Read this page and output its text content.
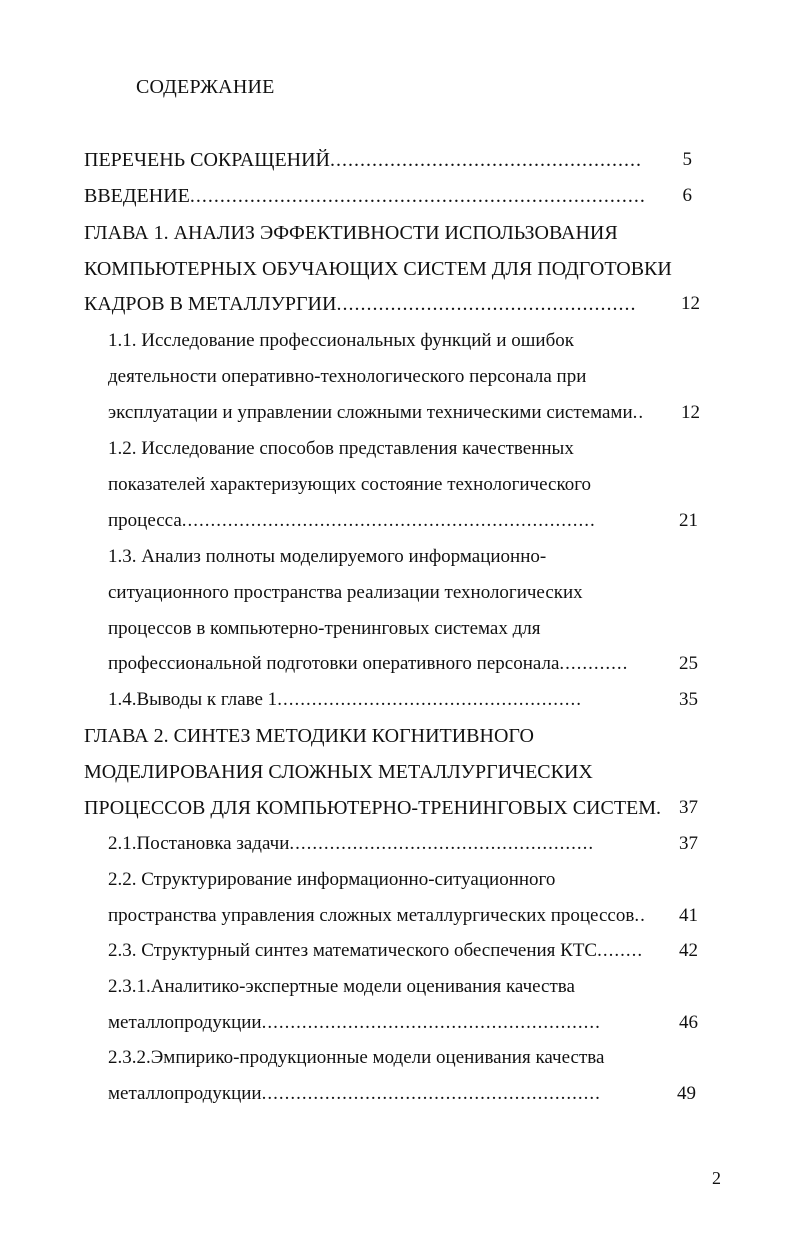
СОДЕРЖАНИЕ
ПЕРЕЧЕНЬ СОКРАЩЕНИЙ....................................................	5
ВВЕДЕНИЕ............................................................................	6
ГЛАВА 1. АНАЛИЗ ЭФФЕКТИВНОСТИ ИСПОЛЬЗОВАНИЯ
КОМПЬЮТЕРНЫХ ОБУЧАЮЩИХ СИСТЕМ ДЛЯ ПОДГОТОВКИ
КАДРОВ В МЕТАЛЛУРГИИ..................................................	12
1.1. Исследование профессиональных функций и ошибок
деятельности оперативно-технологического персонала при
эксплуатации и управлении сложными техническими системами..	12
1.2. Исследование способов представления качественных
показателей характеризующих состояние технологического
процесса........................................................................	21
1.3. Анализ полноты моделируемого информационно-
ситуационного пространства реализации технологических
процессов в компьютерно-тренинговых системах для
профессиональной подготовки оперативного персонала............	25
1.4.Выводы к главе 1.....................................................	35
ГЛАВА 2. СИНТЕЗ МЕТОДИКИ КОГНИТИВНОГО
МОДЕЛИРОВАНИЯ СЛОЖНЫХ МЕТАЛЛУРГИЧЕСКИХ
ПРОЦЕССОВ ДЛЯ КОМПЬЮТЕРНО-ТРЕНИНГОВЫХ СИСТЕМ. 37
2.1.Постановка задачи.....................................................	37
2.2. Структурирование информационно-ситуационного
пространства управления сложных металлургических процессов..	41
2.3. Структурный синтез математического обеспечения КТС........	42
2.3.1.Аналитико-экспертные модели оценивания качества
металлопродукции...........................................................	46
2.3.2.Эмпирико-продукционные модели оценивания качества
металлопродукции...........................................................	49
2
